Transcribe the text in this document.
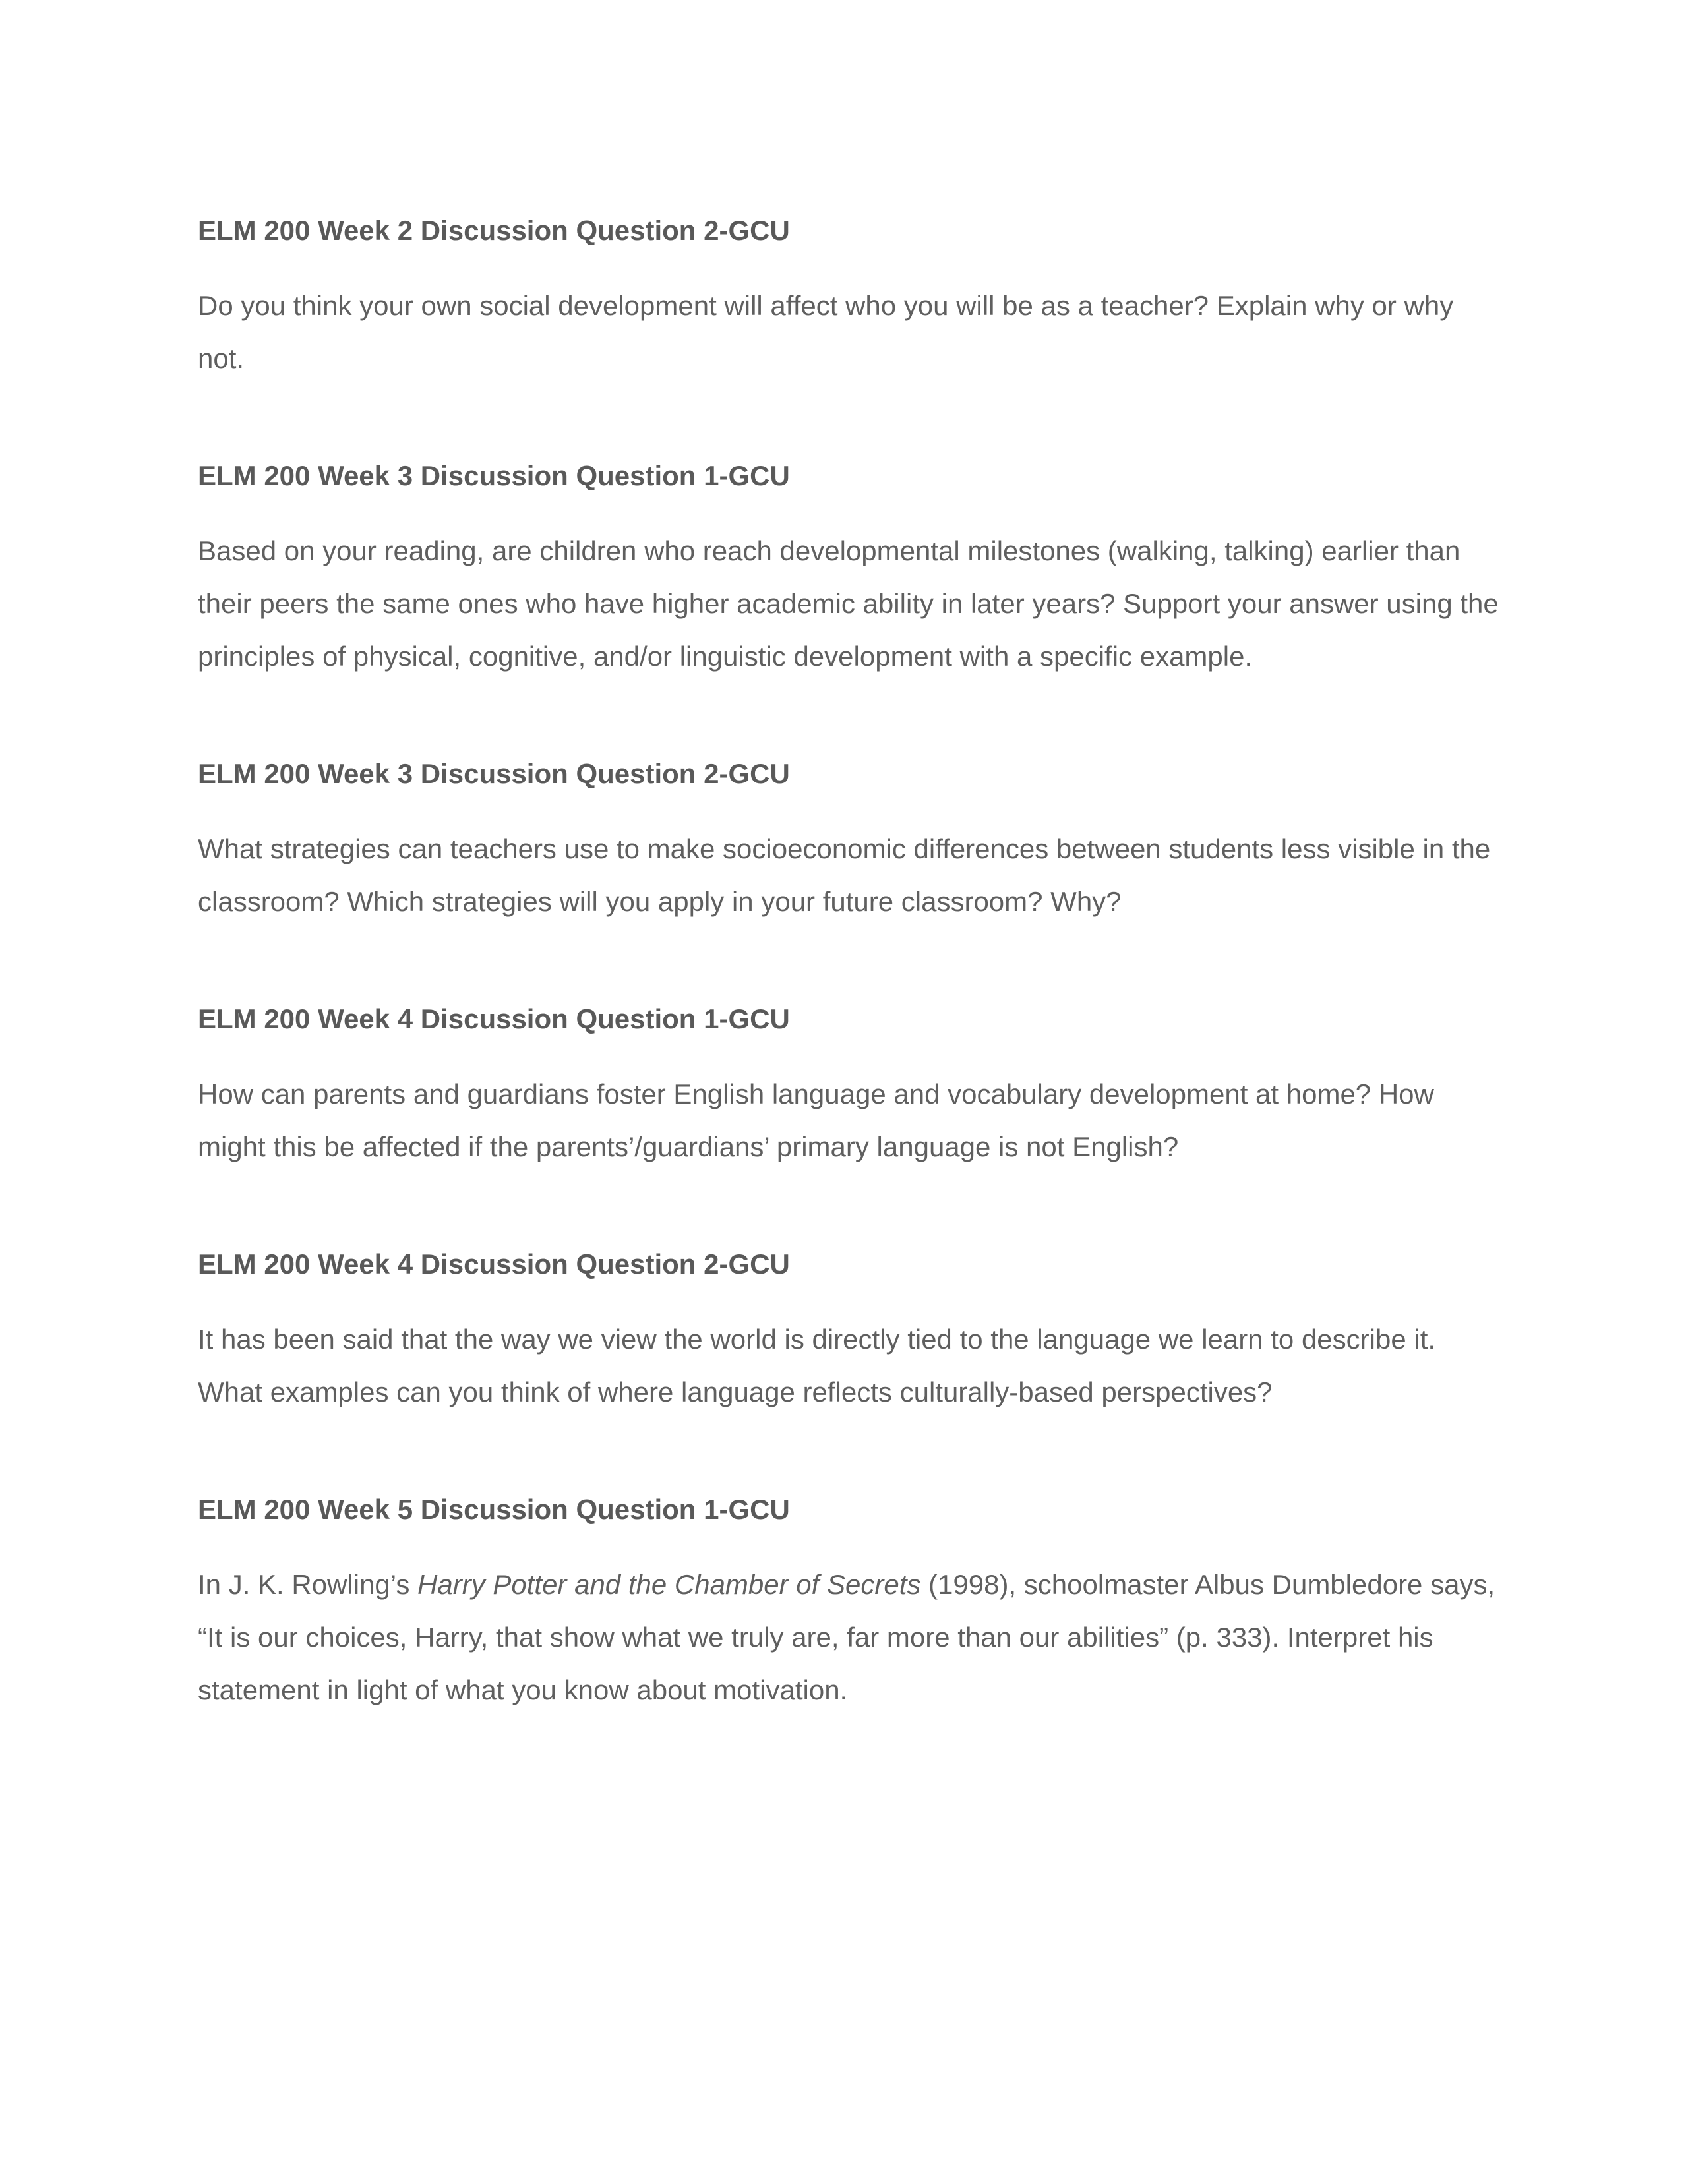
ELM 200 Week 2 Discussion Question 2-GCU

Do you think your own social development will affect who you will be as a teacher? Explain why or why not.

ELM 200 Week 3 Discussion Question 1-GCU

Based on your reading, are children who reach developmental milestones (walking, talking) earlier than their peers the same ones who have higher academic ability in later years? Support your answer using the principles of physical, cognitive, and/or linguistic development with a specific example.

ELM 200 Week 3 Discussion Question 2-GCU

What strategies can teachers use to make socioeconomic differences between students less visible in the classroom? Which strategies will you apply in your future classroom? Why?

ELM 200 Week 4 Discussion Question 1-GCU

How can parents and guardians foster English language and vocabulary development at home? How might this be affected if the parents’/guardians’ primary language is not English?

ELM 200 Week 4 Discussion Question 2-GCU

It has been said that the way we view the world is directly tied to the language we learn to describe it. What examples can you think of where language reflects culturally-based perspectives?

ELM 200 Week 5 Discussion Question 1-GCU

In J. K. Rowling’s Harry Potter and the Chamber of Secrets (1998), schoolmaster Albus Dumbledore says, “It is our choices, Harry, that show what we truly are, far more than our abilities” (p. 333). Interpret his statement in light of what you know about motivation.
